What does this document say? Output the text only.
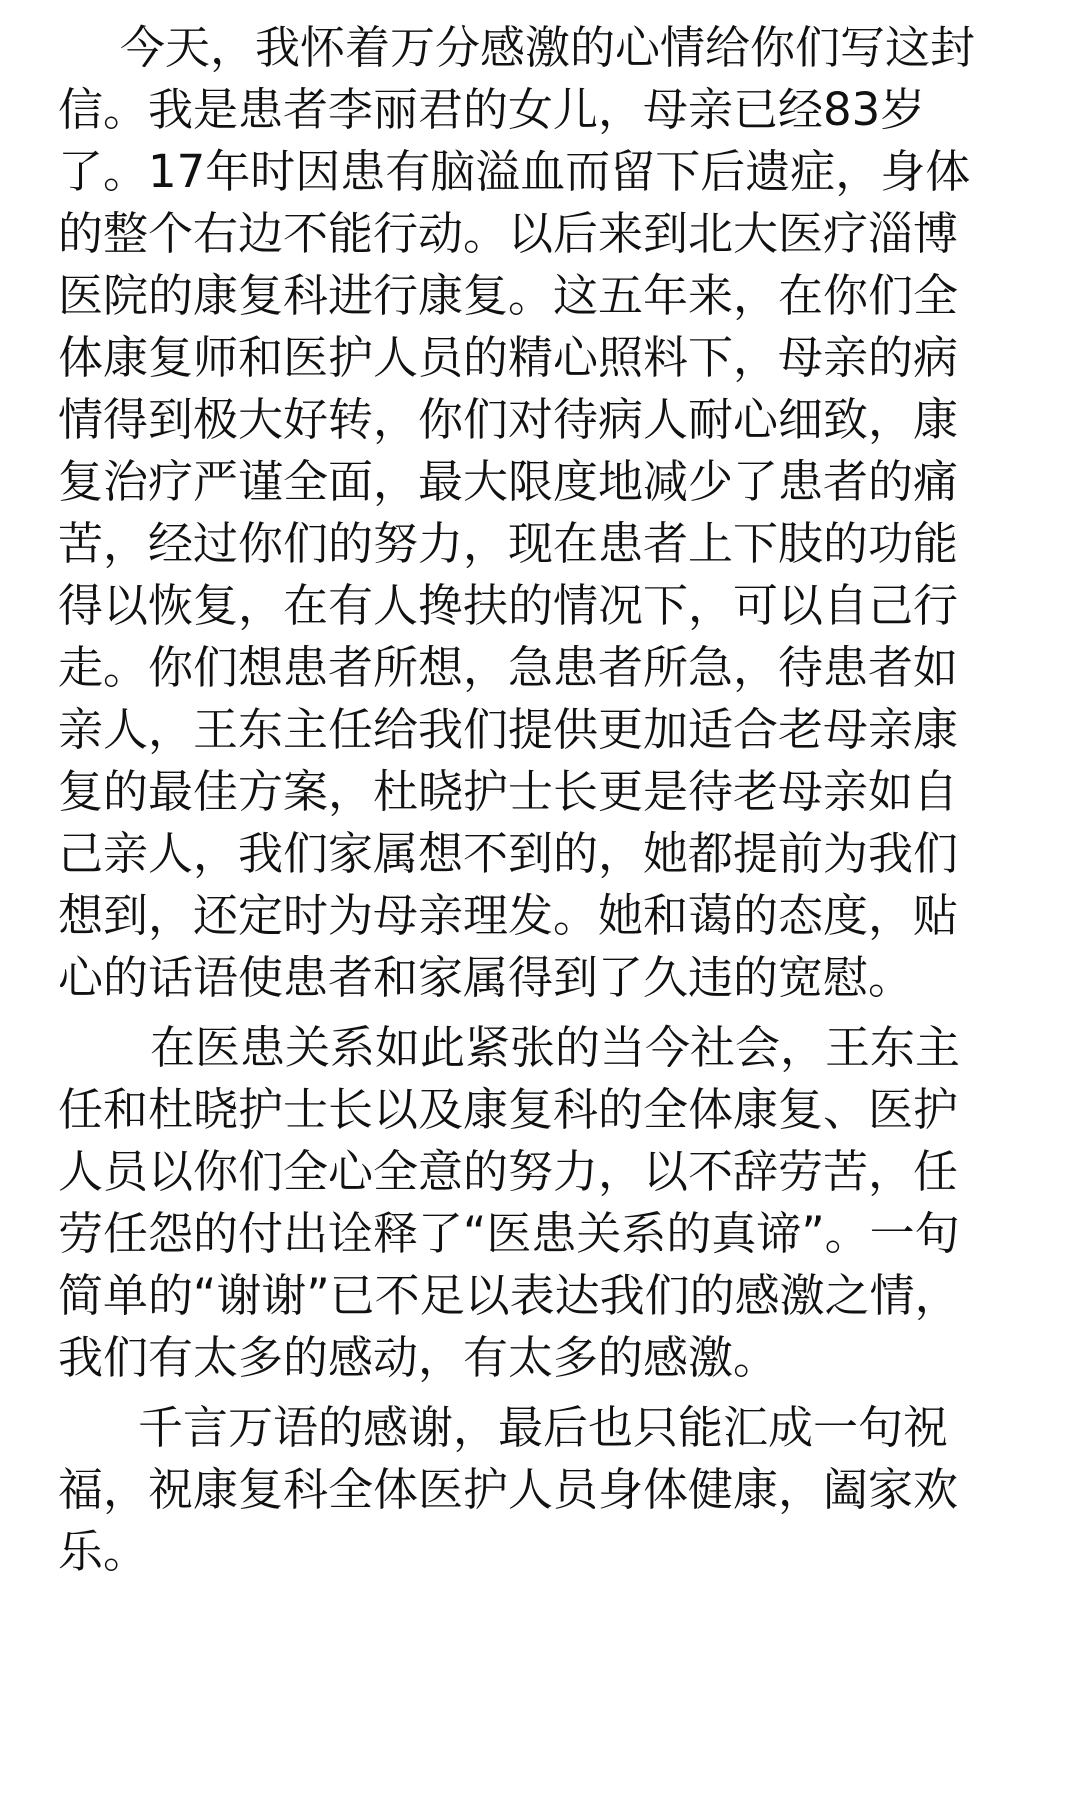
今天，我怀着万分感激的心情给你们写这封
信。我是患者李丽君的女儿，母亲已经83岁
了。17年时因患有脑溢血而留下后遗症，身体
的整个右边不能行动。以后来到北大医疗淄博
医院的康复科进行康复。这五年来，在你们全
体康复师和医护人员的精心照料下，母亲的病
情得到极大好转，你们对待病人耐心细致，康
复治疗严谨全面，最大限度地减少了患者的痛
苦，经过你们的努力，现在患者上下肢的功能
得以恢复，在有人搀扶的情况下，可以自己行
走。你们想患者所想，急患者所急，待患者如
亲人，王东主任给我们提供更加适合老母亲康
复的最佳方案，杜晓护士长更是待老母亲如自
己亲人，我们家属想不到的，她都提前为我们
想到，还定时为母亲理发。她和蔼的态度，贴
心的话语使患者和家属得到了久违的宽慰。
在医患关系如此紧张的当今社会，王东主
任和杜晓护士长以及康复科的全体康复、医护
人员以你们全心全意的努力，以不辞劳苦，任
劳任怨的付出诠释了“医患关系的真谛”。一句
简单的“谢谢”已不足以表达我们的感激之情，
我们有太多的感动，有太多的感激。
千言万语的感谢，最后也只能汇成一句祝
福，祝康复科全体医护人员身体健康，阖家欢
乐。
